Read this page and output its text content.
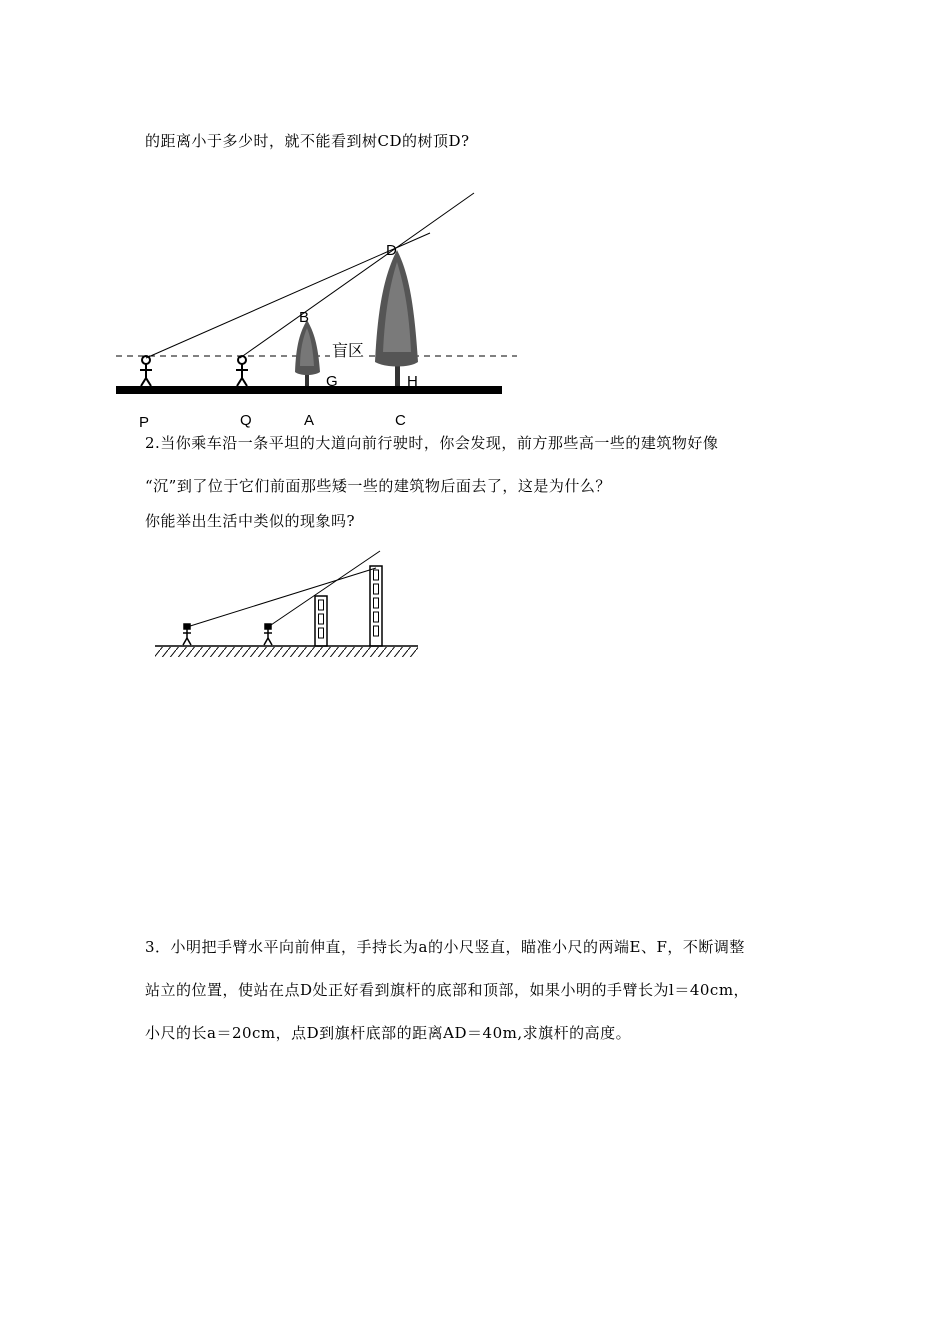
的距离小于多少时，就不能看到树CD的树顶D?
D
B
G	H
P	Q	A	C
盲区
2.当你乘车沿一条平坦的大道向前行驶时，你会发现，前方那些高一些的建筑物好像
“沉”到了位于它们前面那些矮一些的建筑物后面去了，这是为什么？
你能举出生活中类似的现象吗?
3．小明把手臂水平向前伸直，手持长为a的小尺竖直，瞄准小尺的两端E、F，不断调整
站立的位置，使站在点D处正好看到旗杆的底部和顶部，如果小明的手臂长为l＝40cm，
小尺的长a＝20cm，点D到旗杆底部的距离AD＝40m,求旗杆的高度。
